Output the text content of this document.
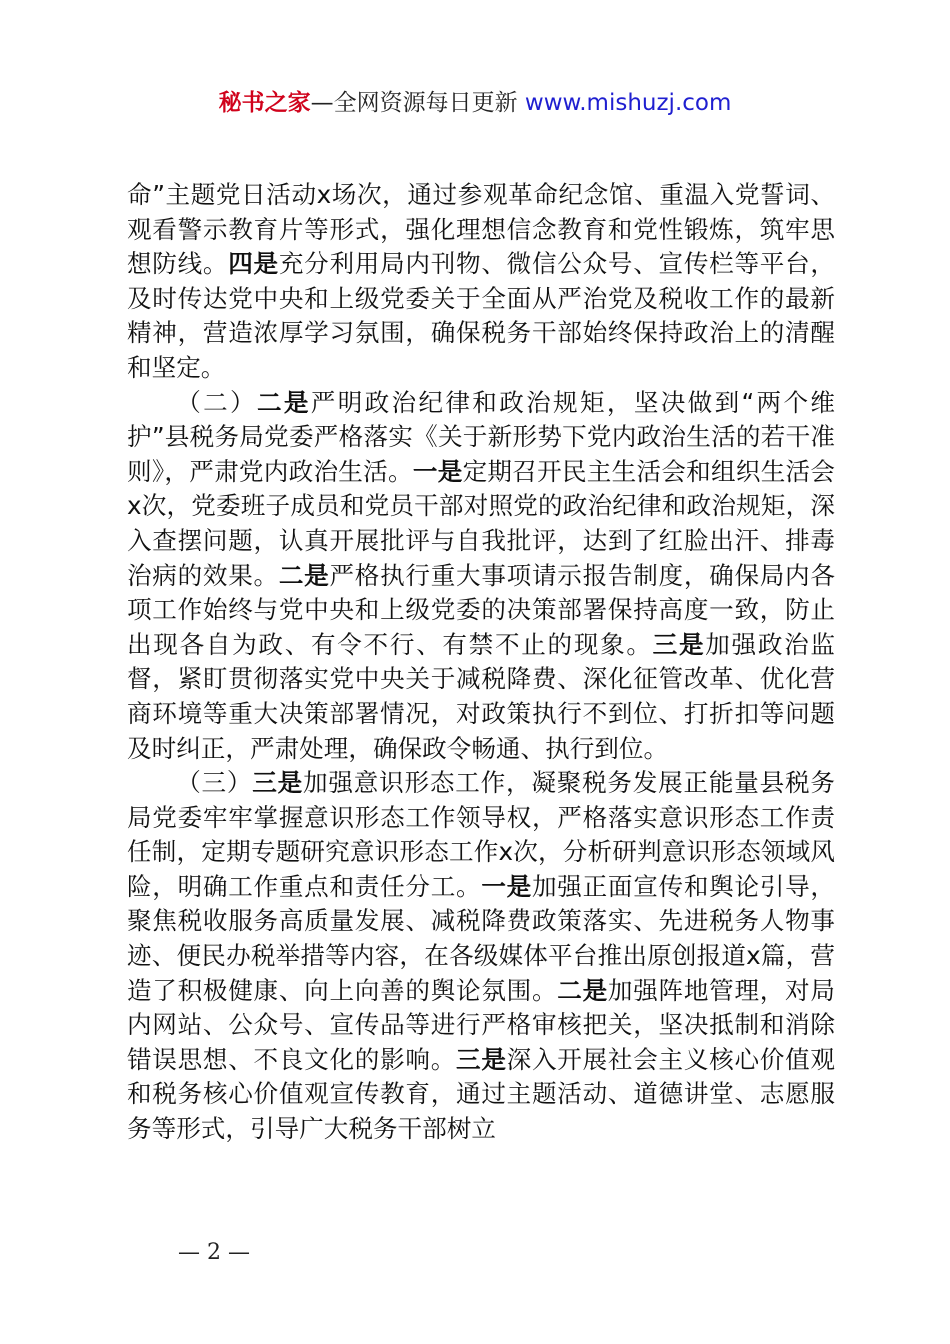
秘书之家—全网资源每日更新 www.mishuzj.com

命”主题党日活动x场次，通过参观革命纪念馆、重温入党誓词、观看警示教育片等形式，强化理想信念教育和党性锻炼，筑牢思想防线。四是充分利用局内刊物、微信公众号、宣传栏等平台，及时传达党中央和上级党委关于全面从严治党及税收工作的最新精神，营造浓厚学习氛围，确保税务干部始终保持政治上的清醒和坚定。

（二）二是严明政治纪律和政治规矩，坚决做到“两个维护”县税务局党委严格落实《关于新形势下党内政治生活的若干准则》，严肃党内政治生活。一是定期召开民主生活会和组织生活会x次，党委班子成员和党员干部对照党的政治纪律和政治规矩，深入查摆问题，认真开展批评与自我批评，达到了红脸出汗、排毒治病的效果。二是严格执行重大事项请示报告制度，确保局内各项工作始终与党中央和上级党委的决策部署保持高度一致，防止出现各自为政、有令不行、有禁不止的现象。三是加强政治监督，紧盯贯彻落实党中央关于减税降费、深化征管改革、优化营商环境等重大决策部署情况，对政策执行不到位、打折扣等问题及时纠正，严肃处理，确保政令畅通、执行到位。

（三）三是加强意识形态工作，凝聚税务发展正能量县税务局党委牢牢掌握意识形态工作领导权，严格落实意识形态工作责任制，定期专题研究意识形态工作x次，分析研判意识形态领域风险，明确工作重点和责任分工。一是加强正面宣传和舆论引导，聚焦税收服务高质量发展、减税降费政策落实、先进税务人物事迹、便民办税举措等内容，在各级媒体平台推出原创报道x篇，营造了积极健康、向上向善的舆论氛围。二是加强阵地管理，对局内网站、公众号、宣传品等进行严格审核把关，坚决抵制和消除错误思想、不良文化的影响。三是深入开展社会主义核心价值观和税务核心价值观宣传教育，通过主题活动、道德讲堂、志愿服务等形式，引导广大税务干部树立

— 2 —
